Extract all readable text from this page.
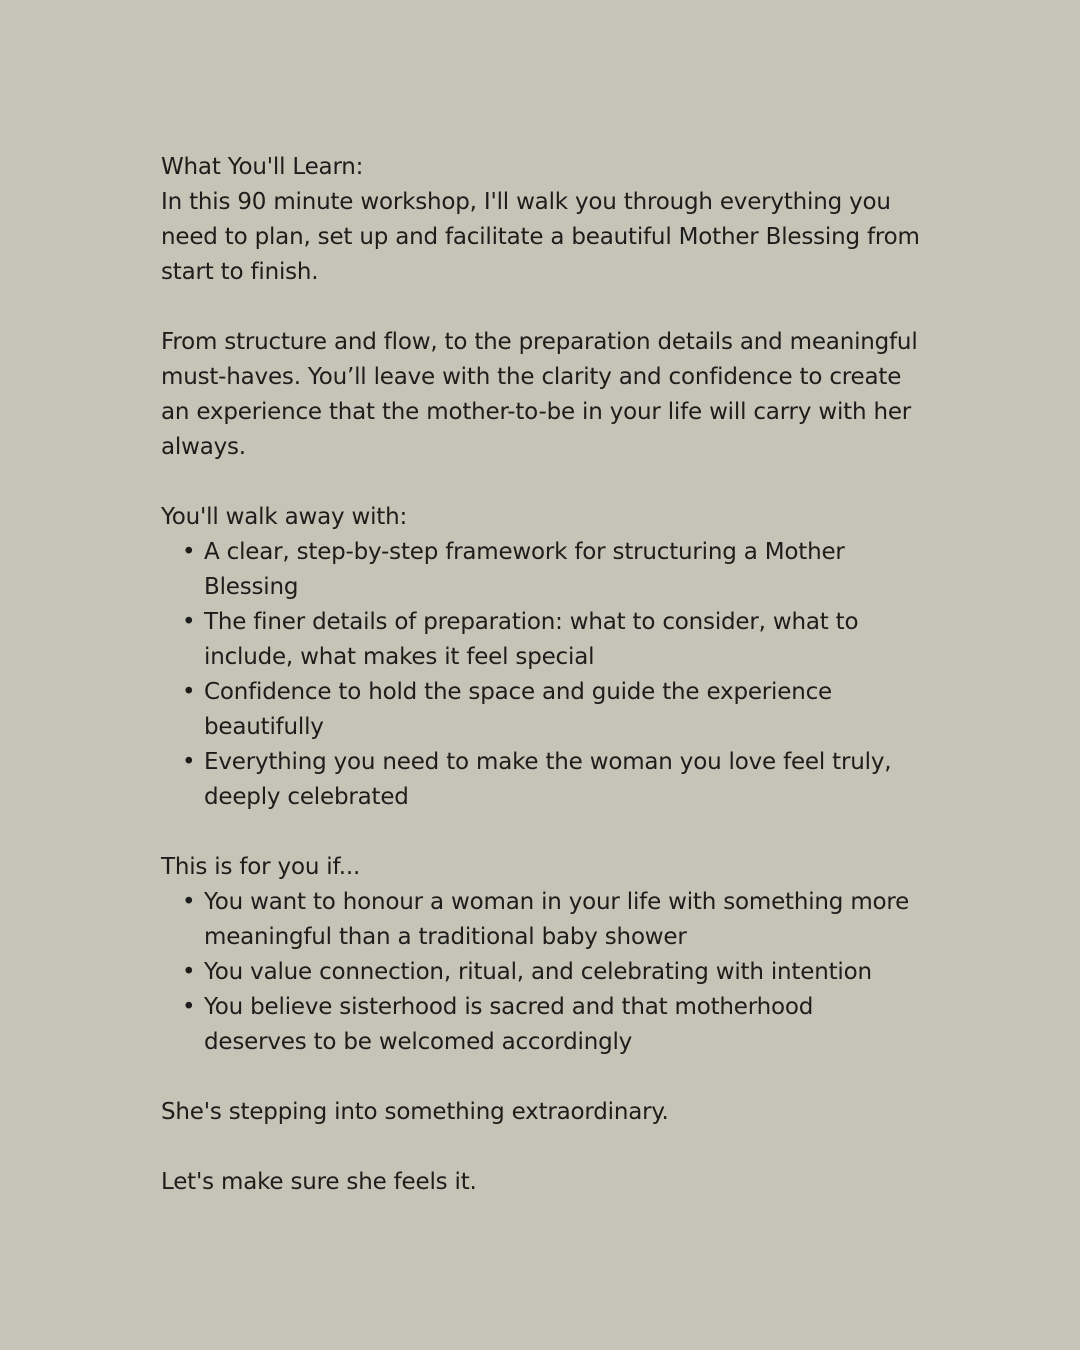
What You'll Learn:

In this 90 minute workshop, I'll walk you through everything you need to plan, set up and facilitate a beautiful Mother Blessing from start to finish.

From structure and flow, to the preparation details and meaningful must-haves. You’ll leave with the clarity and confidence to create an experience that the mother-to-be in your life will carry with her always.

You'll walk away with:

• A clear, step-by-step framework for structuring a Mother Blessing
• The finer details of preparation: what to consider, what to include, what makes it feel special
• Confidence to hold the space and guide the experience beautifully
• Everything you need to make the woman you love feel truly, deeply celebrated

This is for you if...

• You want to honour a woman in your life with something more meaningful than a traditional baby shower
• You value connection, ritual, and celebrating with intention
• You believe sisterhood is sacred and that motherhood deserves to be welcomed accordingly

She's stepping into something extraordinary.

Let's make sure she feels it.
